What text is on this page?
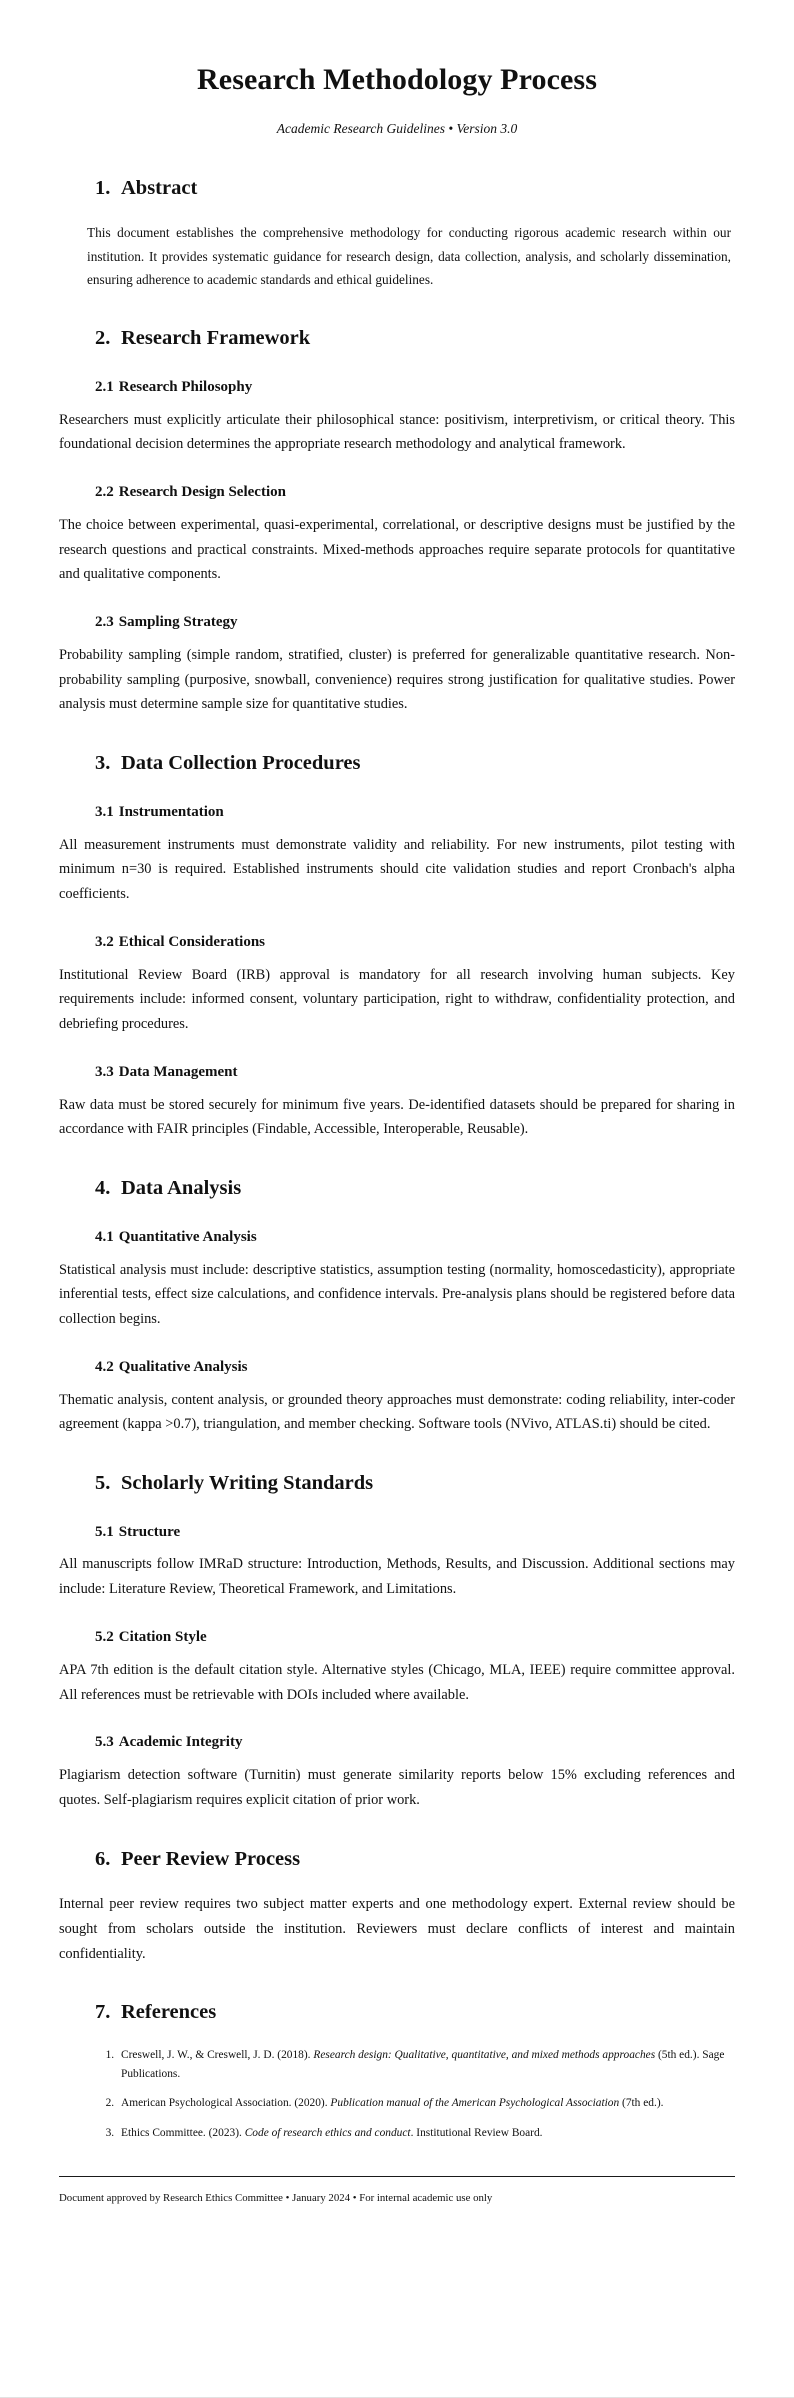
Research Methodology Process
Academic Research Guidelines • Version 3.0
1. Abstract

This document establishes the comprehensive methodology for conducting rigorous academic research within our institution. It provides systematic guidance for research design, data collection, analysis, and scholarly dissemination, ensuring adherence to academic standards and ethical guidelines.

2. Research Framework
2.1 Research Philosophy

Researchers must explicitly articulate their philosophical stance: positivism, interpretivism, or critical theory. This foundational decision determines the appropriate research methodology and analytical framework.

2.2 Research Design Selection

The choice between experimental, quasi-experimental, correlational, or descriptive designs must be justified by the research questions and practical constraints. Mixed-methods approaches require separate protocols for quantitative and qualitative components.

2.3 Sampling Strategy

Probability sampling (simple random, stratified, cluster) is preferred for generalizable quantitative research. Non-probability sampling (purposive, snowball, convenience) requires strong justification for qualitative studies. Power analysis must determine sample size for quantitative studies.

3. Data Collection Procedures
3.1 Instrumentation

All measurement instruments must demonstrate validity and reliability. For new instruments, pilot testing with minimum n=30 is required. Established instruments should cite validation studies and report Cronbach's alpha coefficients.

3.2 Ethical Considerations

Institutional Review Board (IRB) approval is mandatory for all research involving human subjects. Key requirements include: informed consent, voluntary participation, right to withdraw, confidentiality protection, and debriefing procedures.

3.3 Data Management

Raw data must be stored securely for minimum five years. De-identified datasets should be prepared for sharing in accordance with FAIR principles (Findable, Accessible, Interoperable, Reusable).

4. Data Analysis
4.1 Quantitative Analysis

Statistical analysis must include: descriptive statistics, assumption testing (normality, homoscedasticity), appropriate inferential tests, effect size calculations, and confidence intervals. Pre-analysis plans should be registered before data collection begins.

4.2 Qualitative Analysis

Thematic analysis, content analysis, or grounded theory approaches must demonstrate: coding reliability, inter-coder agreement (kappa >0.7), triangulation, and member checking. Software tools (NVivo, ATLAS.ti) should be cited.

5. Scholarly Writing Standards
5.1 Structure

All manuscripts follow IMRaD structure: Introduction, Methods, Results, and Discussion. Additional sections may include: Literature Review, Theoretical Framework, and Limitations.

5.2 Citation Style

APA 7th edition is the default citation style. Alternative styles (Chicago, MLA, IEEE) require committee approval. All references must be retrievable with DOIs included where available.

5.3 Academic Integrity

Plagiarism detection software (Turnitin) must generate similarity reports below 15% excluding references and quotes. Self-plagiarism requires explicit citation of prior work.

6. Peer Review Process

Internal peer review requires two subject matter experts and one methodology expert. External review should be sought from scholars outside the institution. Reviewers must declare conflicts of interest and maintain confidentiality.

7. References
1. Creswell, J. W., & Creswell, J. D. (2018). Research design: Qualitative, quantitative, and mixed methods approaches (5th ed.). Sage Publications.
2. American Psychological Association. (2020). Publication manual of the American Psychological Association (7th ed.).
3. Ethics Committee. (2023). Code of research ethics and conduct. Institutional Review Board.

Document approved by Research Ethics Committee • January 2024 • For internal academic use only
